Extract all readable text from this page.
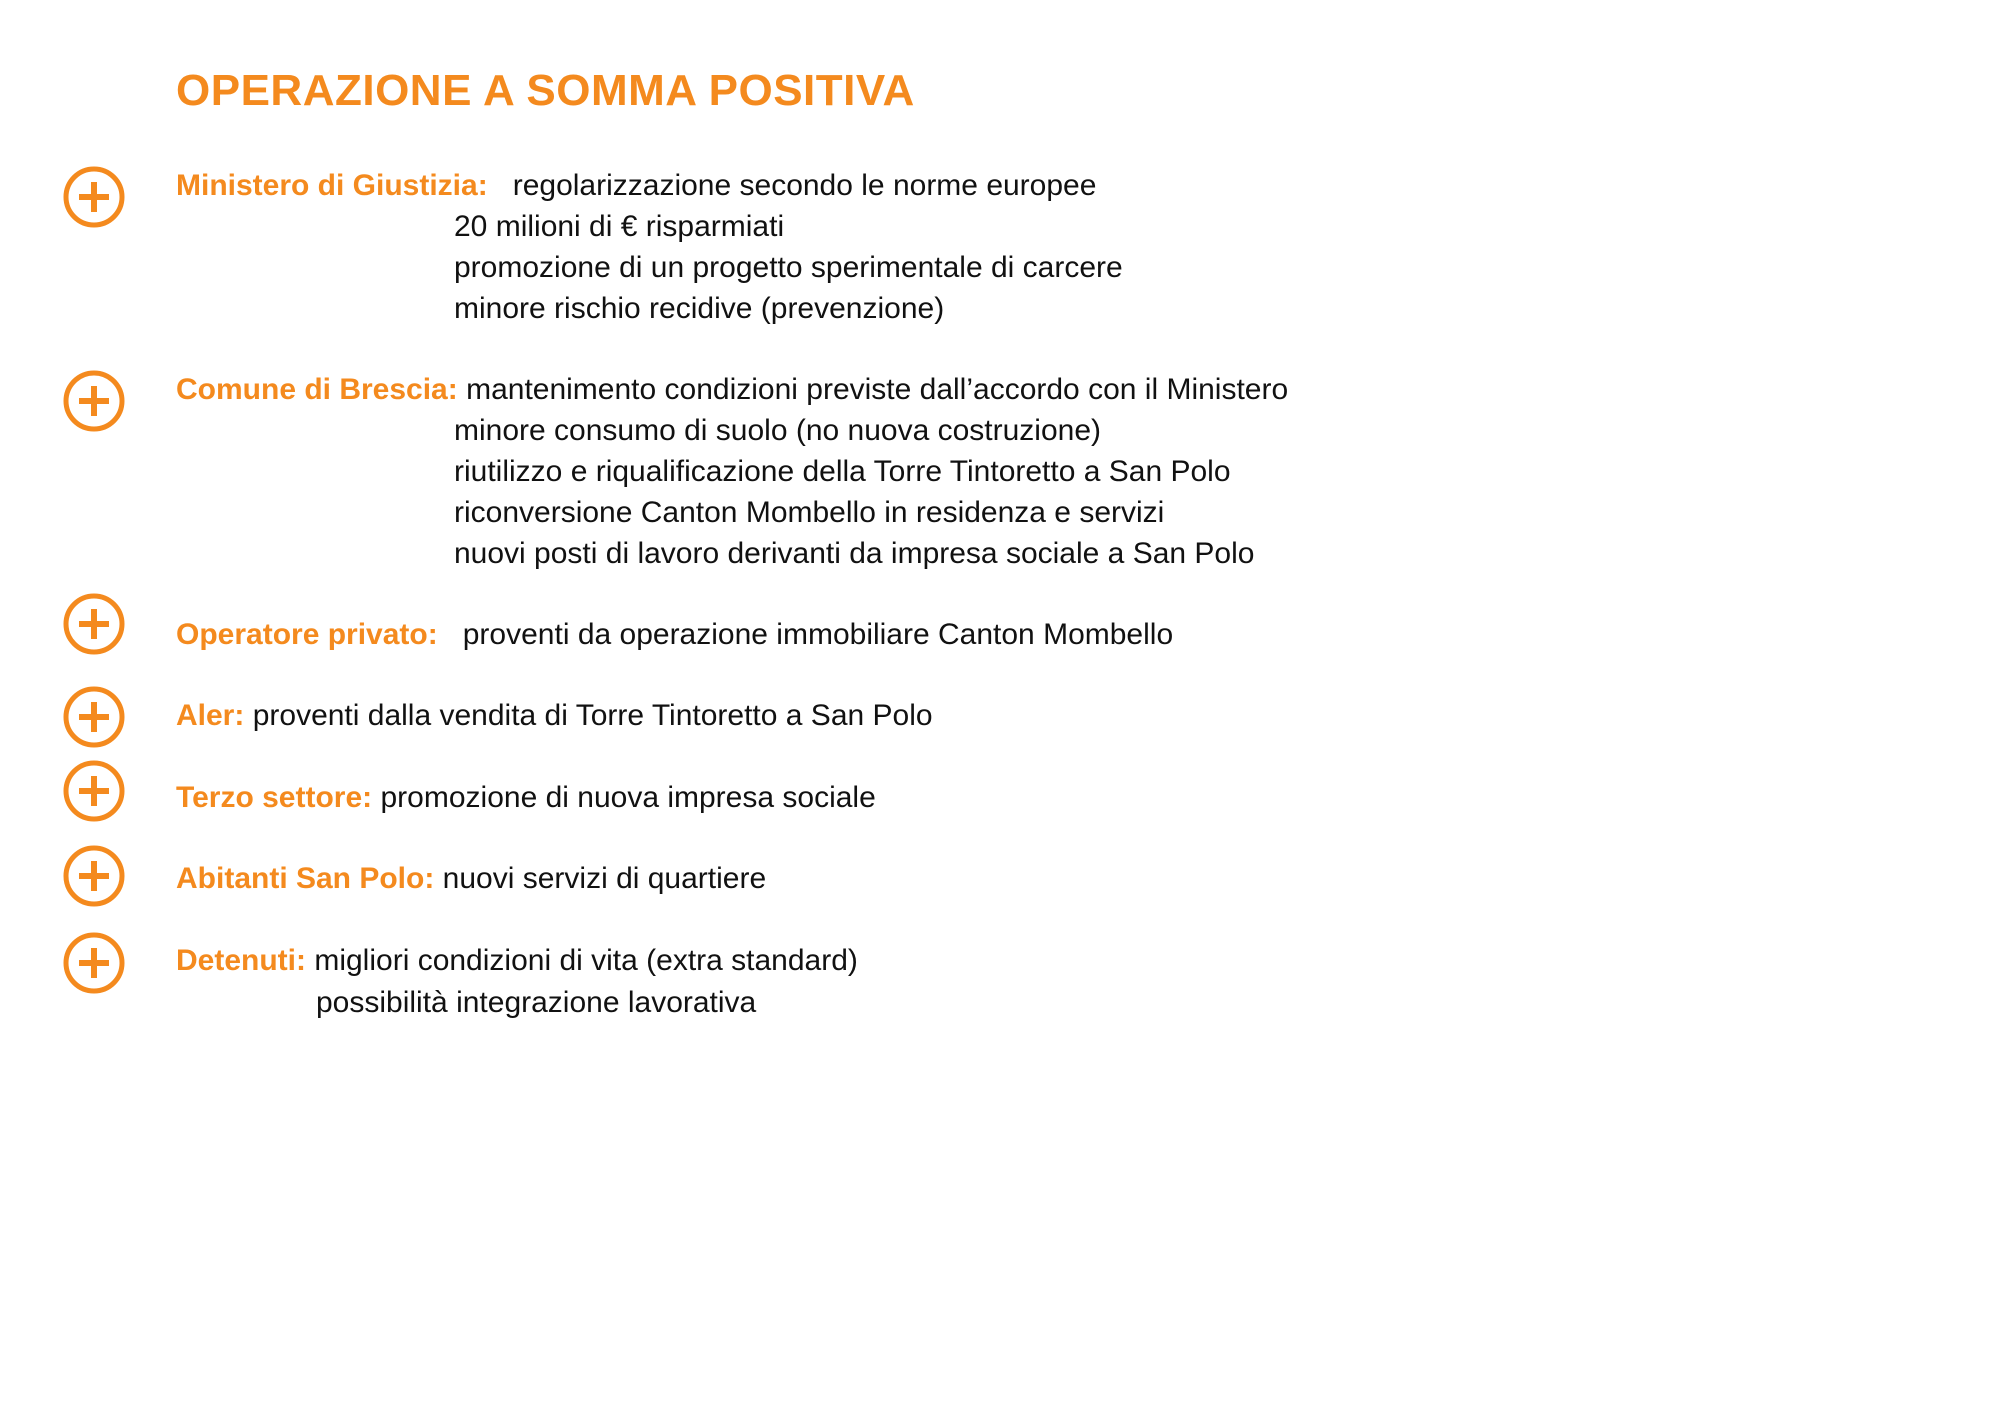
OPERAZIONE A SOMMA POSITIVA
Ministero di Giustizia: regolarizzazione secondo le norme europee
20 milioni di € risparmiati
promozione di un progetto sperimentale di carcere
minore rischio recidive (prevenzione)
Comune di Brescia: mantenimento condizioni previste dall’accordo con il Ministero
minore consumo di suolo (no nuova costruzione)
riutilizzo e riqualificazione della Torre Tintoretto a San Polo
riconversione Canton Mombello in residenza e servizi
nuovi posti di lavoro derivanti da impresa sociale a San Polo
Operatore privato: proventi da operazione immobiliare Canton Mombello
Aler: proventi dalla vendita di Torre Tintoretto a San Polo
Terzo settore: promozione di nuova impresa sociale
Abitanti San Polo: nuovi servizi di quartiere
Detenuti: migliori condizioni di vita (extra standard)
possibilità integrazione lavorativa
